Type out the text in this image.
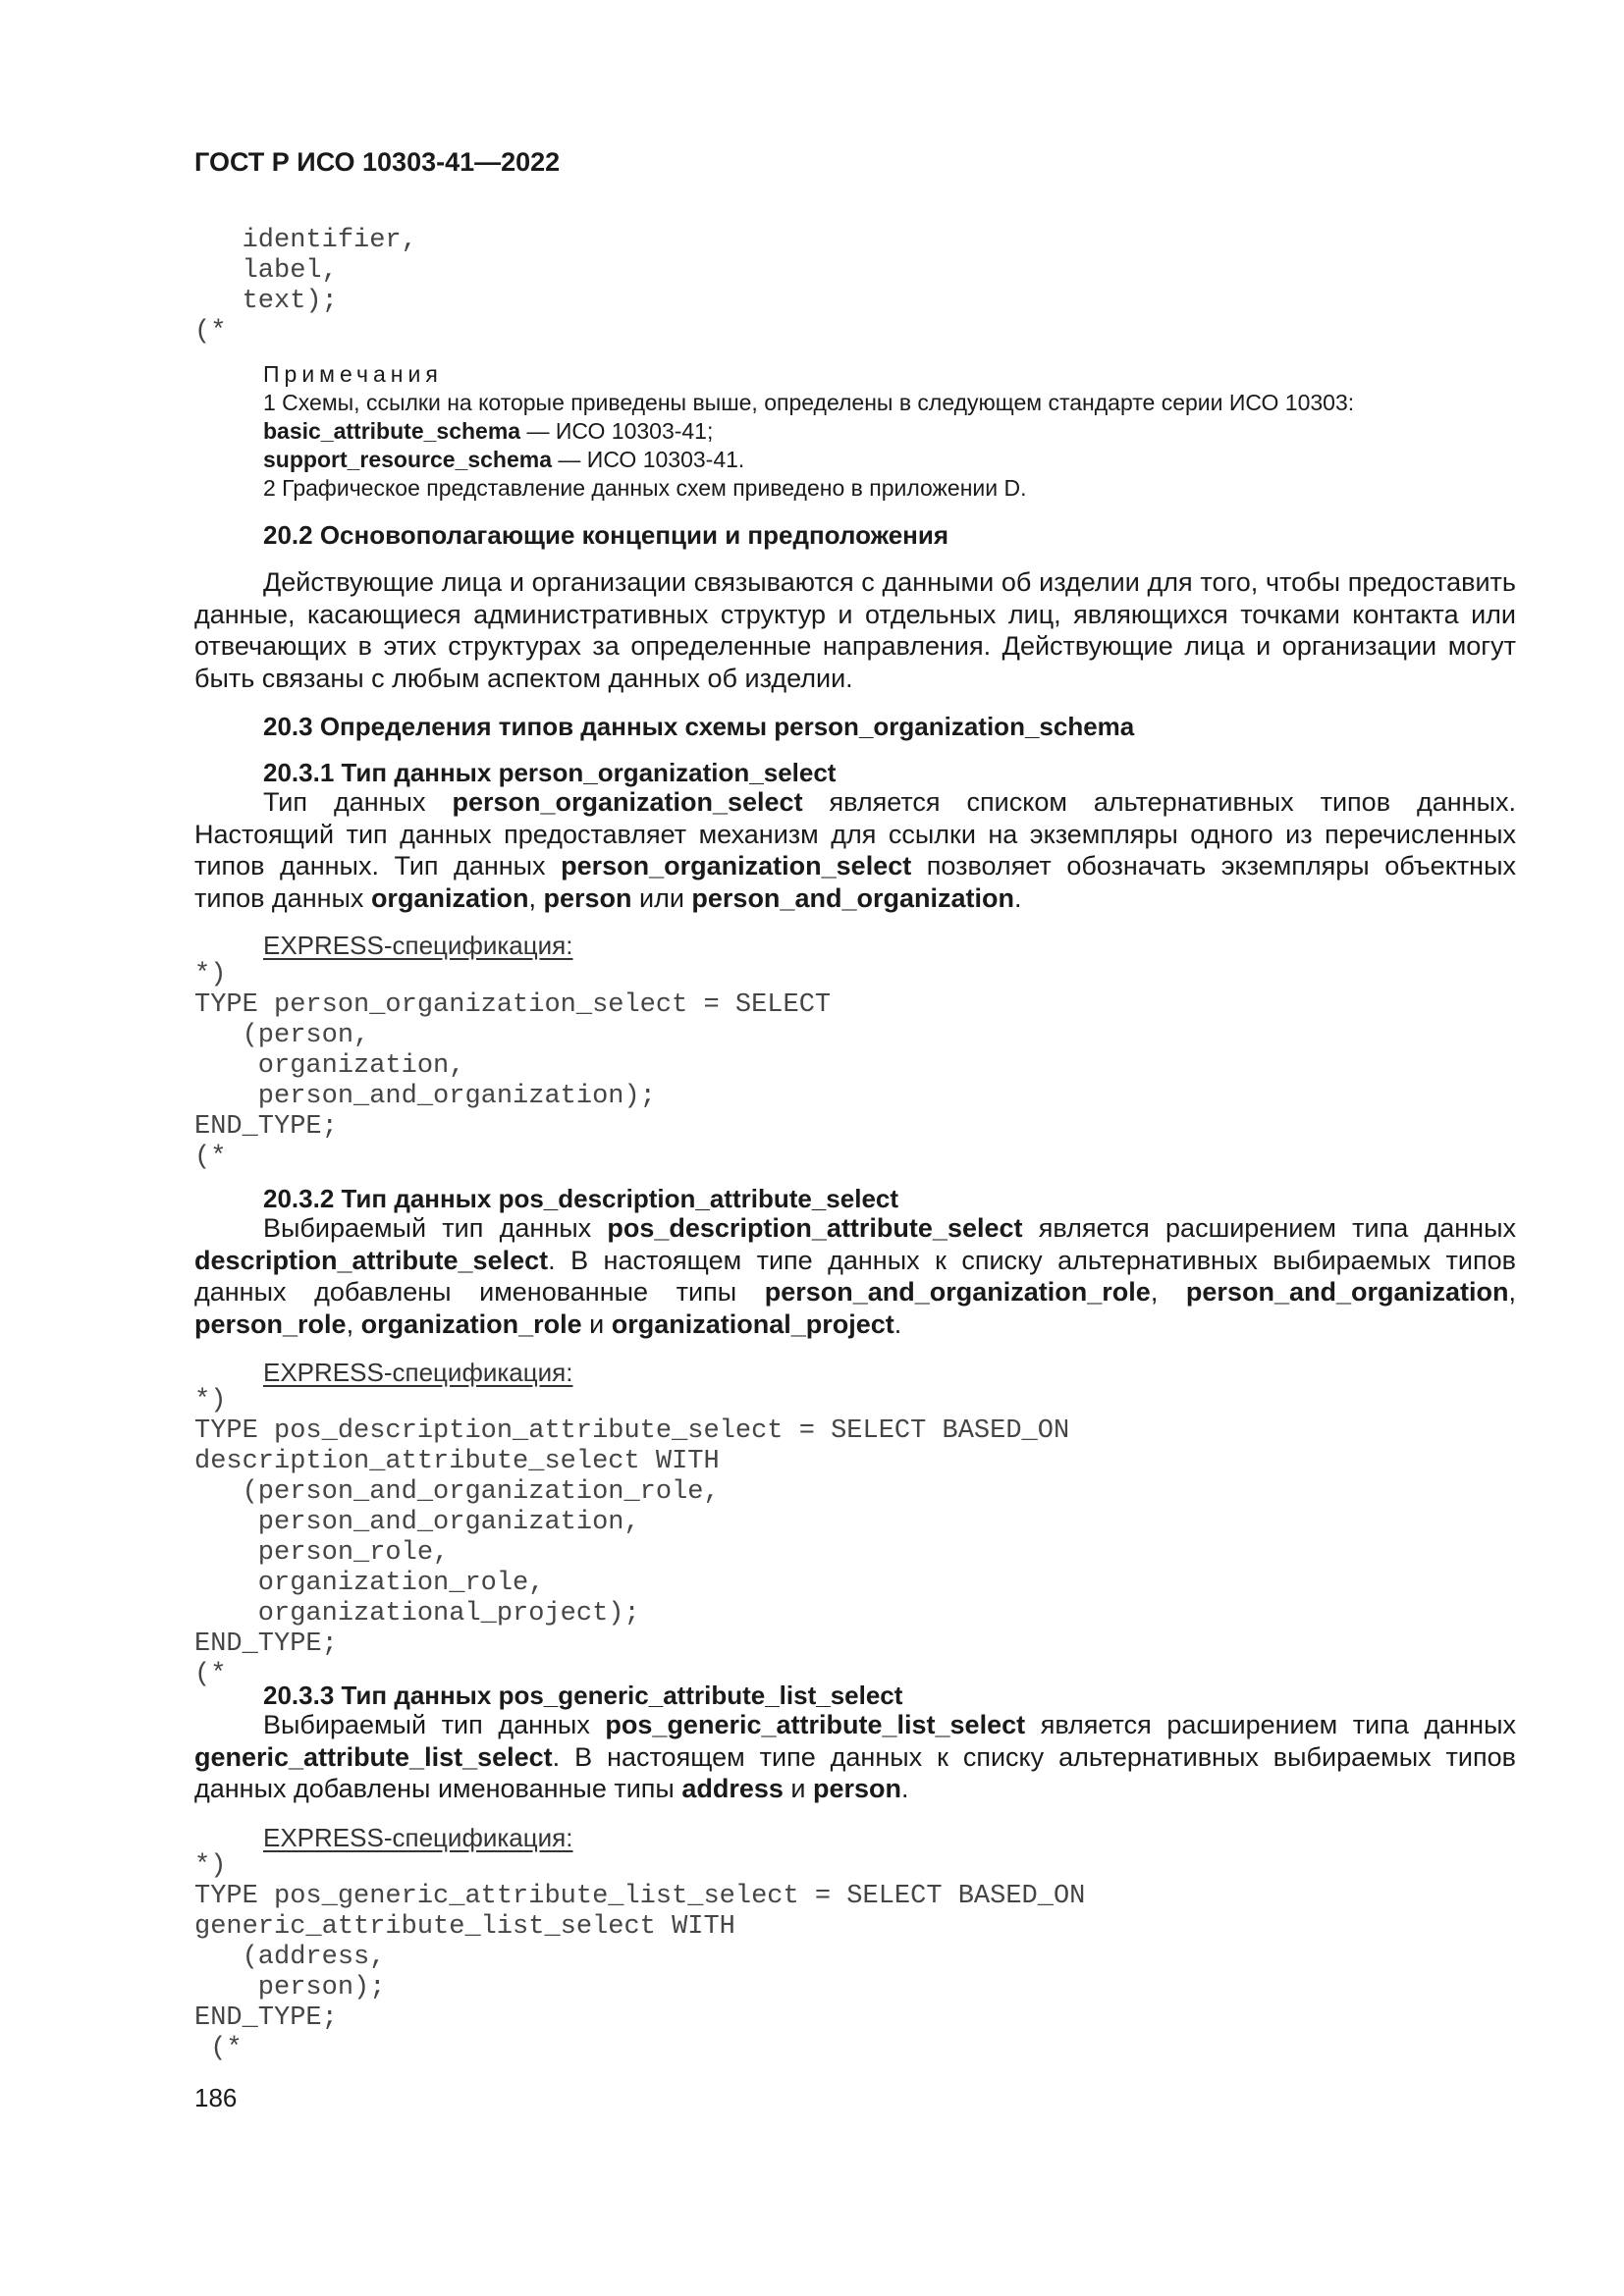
ГОСТ Р ИСО 10303-41—2022
identifier,
label,
text);
(*
Примечания
1 Схемы, ссылки на которые приведены выше, определены в следующем стандарте серии ИСО 10303:
basic_attribute_schema — ИСО 10303-41;
support_resource_schema — ИСО 10303-41.
2 Графическое представление данных схем приведено в приложении D.
20.2 Основополагающие концепции и предположения

Действующие лица и организации связываются с данными об изделии для того, чтобы предоставить данные, касающиеся административных структур и отдельных лиц, являющихся точками контакта или отвечающих в этих структурах за определенные направления. Действующие лица и организации могут быть связаны с любым аспектом данных об изделии.

20.3 Определения типов данных схемы person_organization_schema
20.3.1 Тип данных person_organization_select

Тип данных person_organization_select является списком альтернативных типов данных. Настоящий тип данных предоставляет механизм для ссылки на экземпляры одного из перечисленных типов данных. Тип данных person_organization_select позволяет обозначать экземпляры объектных типов данных organization, person или person_and_organization.

EXPRESS-спецификация:
*)
TYPE person_organization_select = SELECT
(person,
organization,
person_and_organization);
END_TYPE;
(*
20.3.2 Тип данных pos_description_attribute_select

Выбираемый тип данных pos_description_attribute_select является расширением типа данных description_attribute_select. В настоящем типе данных к списку альтернативных выбираемых типов данных добавлены именованные типы person_and_organization_role, person_and_organization, person_role, organization_role и organizational_project.

EXPRESS-спецификация:
*)
TYPE pos_description_attribute_select = SELECT BASED_ON
description_attribute_select WITH
(person_and_organization_role,
person_and_organization,
person_role,
organization_role,
organizational_project);
END_TYPE;
(*
20.3.3 Тип данных pos_generic_attribute_list_select

Выбираемый тип данных pos_generic_attribute_list_select является расширением типа данных generic_attribute_list_select. В настоящем типе данных к списку альтернативных выбираемых типов данных добавлены именованные типы address и person.

EXPRESS-спецификация:
*)
TYPE pos_generic_attribute_list_select = SELECT BASED_ON
generic_attribute_list_select WITH
(address,
person);
END_TYPE;
(*
186
